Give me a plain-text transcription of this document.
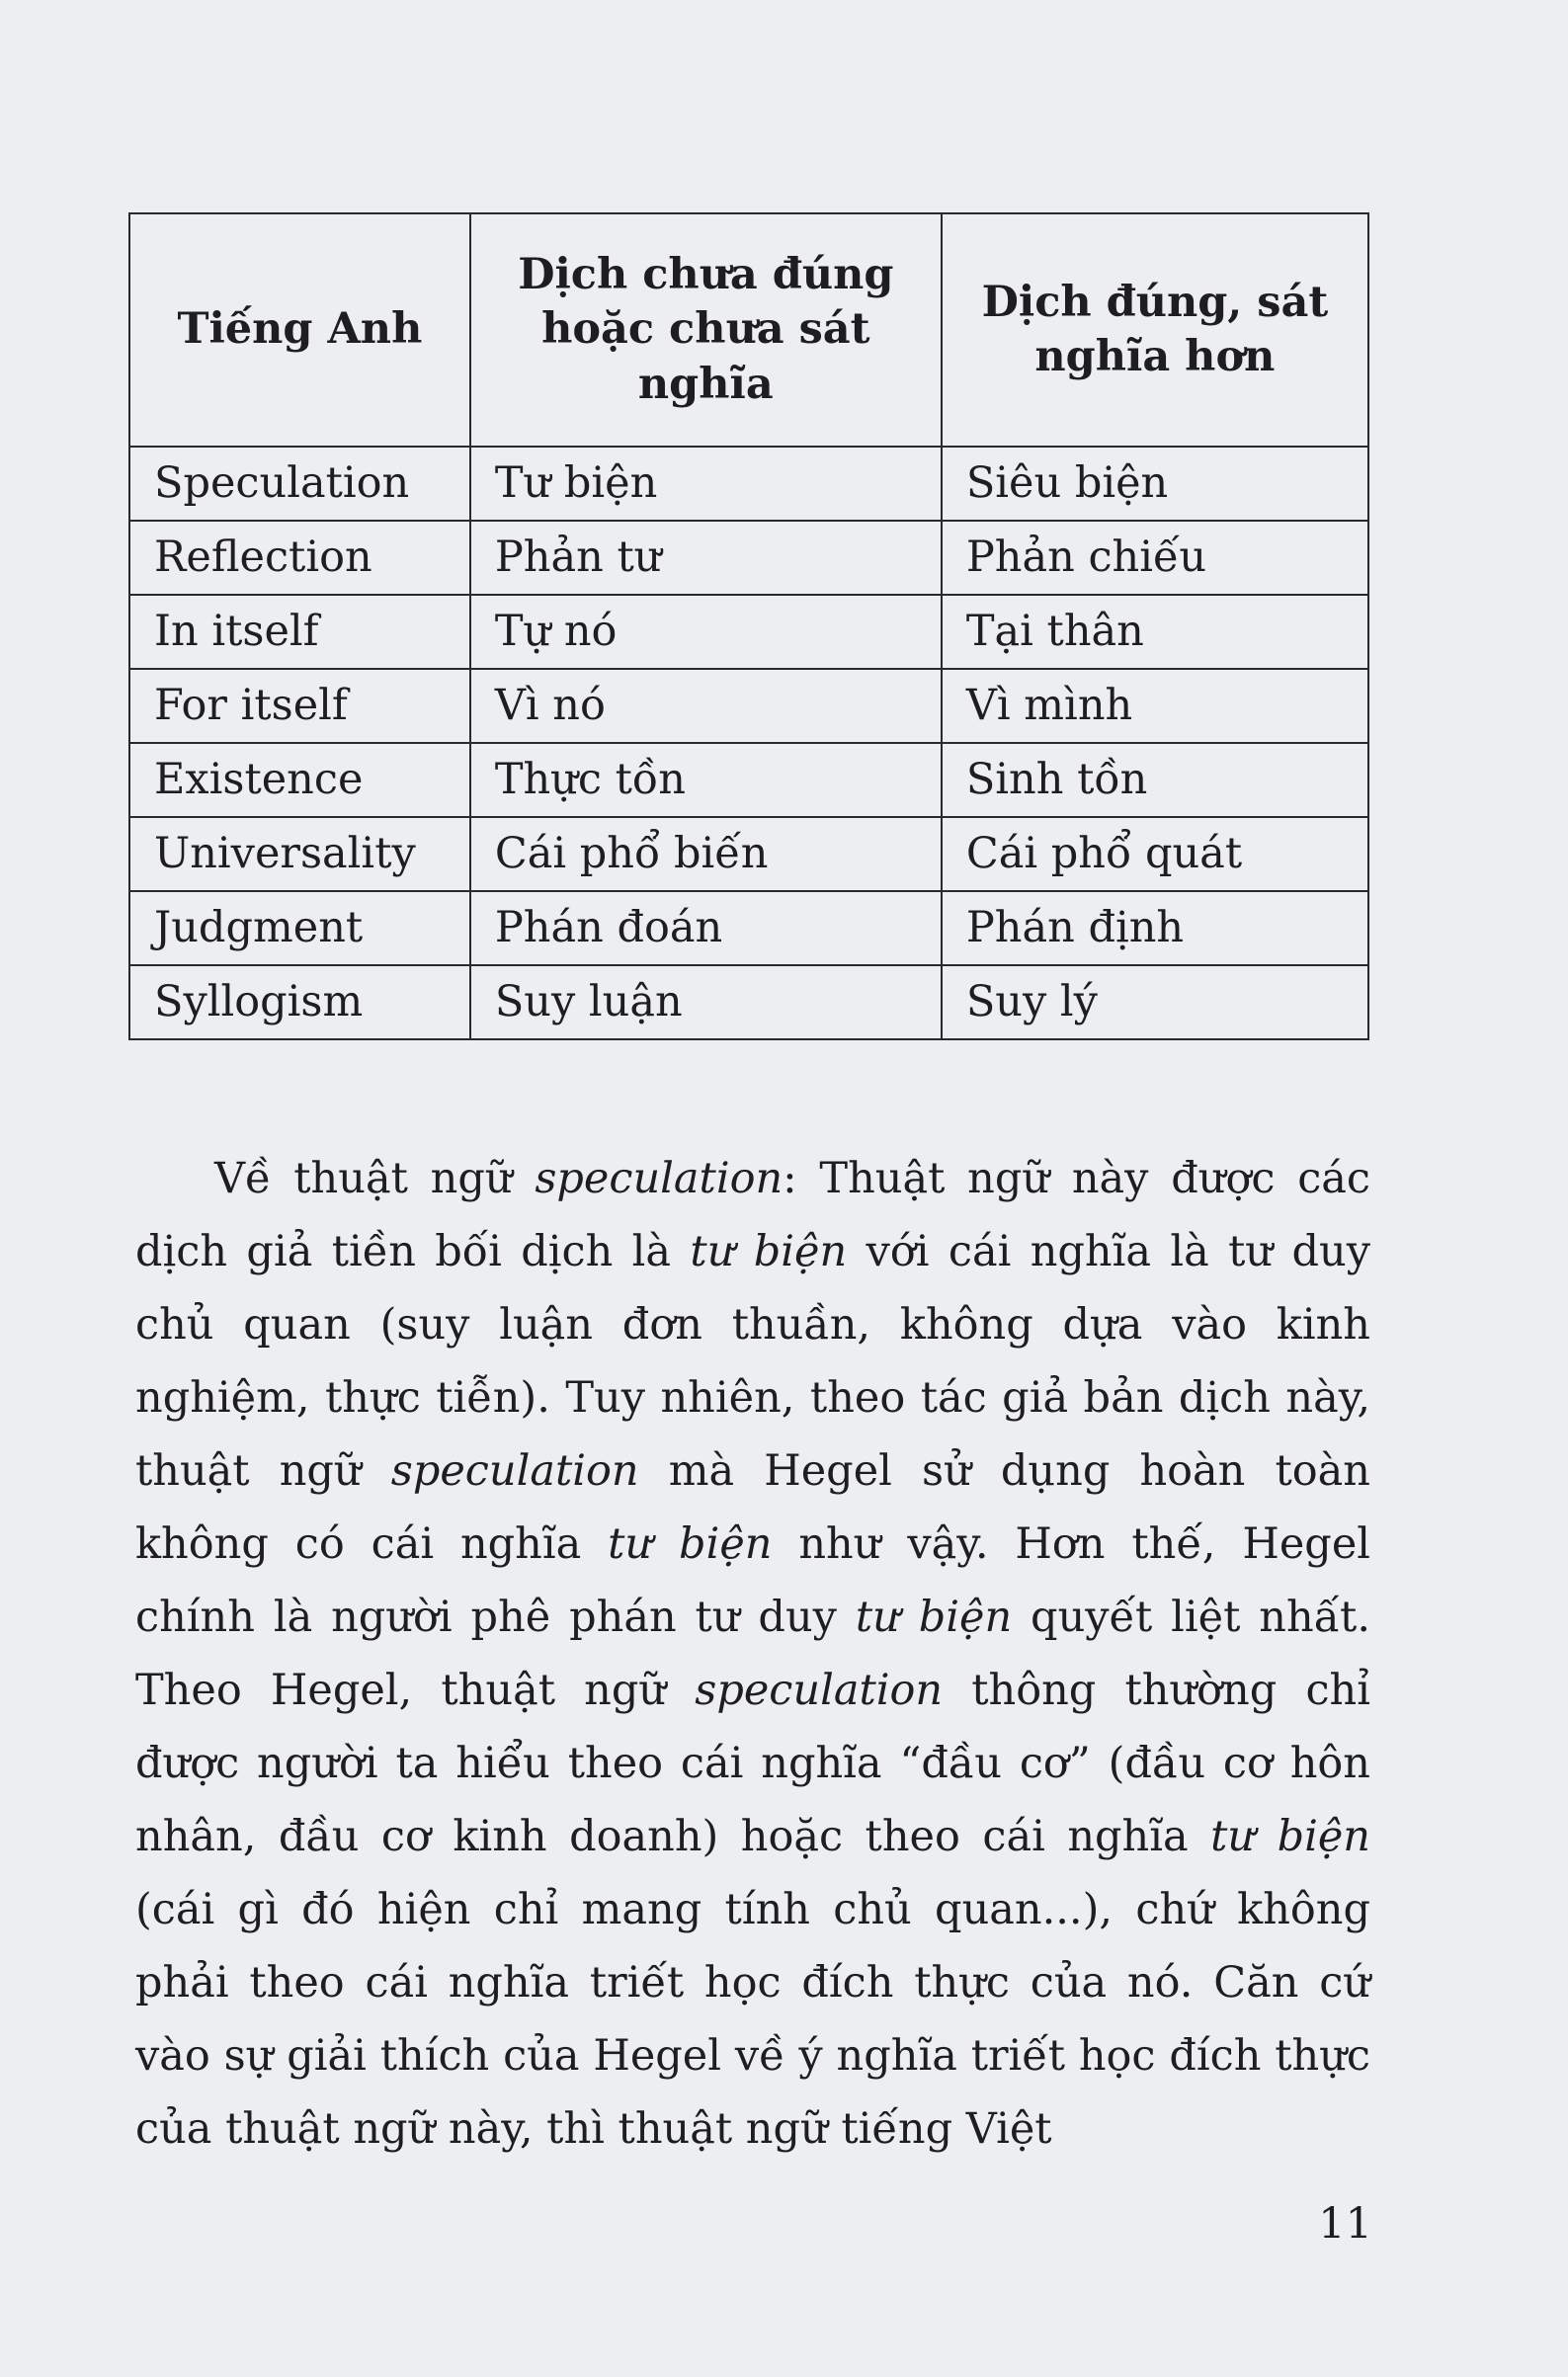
Tiếng Anh	Dịch chưa đúng hoặc chưa sát nghĩa	Dịch đúng, sát nghĩa hơn
Speculation	Tư biện	Siêu biện
Reflection	Phản tư	Phản chiếu
In itself	Tự nó	Tại thân
For itself	Vì nó	Vì mình
Existence	Thực tồn	Sinh tồn
Universality	Cái phổ biến	Cái phổ quát
Judgment	Phán đoán	Phán định
Syllogism	Suy luận	Suy lý

Về thuật ngữ speculation: Thuật ngữ này được các dịch giả tiền bối dịch là tư biện với cái nghĩa là tư duy chủ quan (suy luận đơn thuần, không dựa vào kinh nghiệm, thực tiễn). Tuy nhiên, theo tác giả bản dịch này, thuật ngữ speculation mà Hegel sử dụng hoàn toàn không có cái nghĩa tư biện như vậy. Hơn thế, Hegel chính là người phê phán tư duy tư biện quyết liệt nhất. Theo Hegel, thuật ngữ speculation thông thường chỉ được người ta hiểu theo cái nghĩa “đầu cơ” (đầu cơ hôn nhân, đầu cơ kinh doanh) hoặc theo cái nghĩa tư biện (cái gì đó hiện chỉ mang tính chủ quan...), chứ không phải theo cái nghĩa triết học đích thực của nó. Căn cứ vào sự giải thích của Hegel về ý nghĩa triết học đích thực của thuật ngữ này, thì thuật ngữ tiếng Việt

11
